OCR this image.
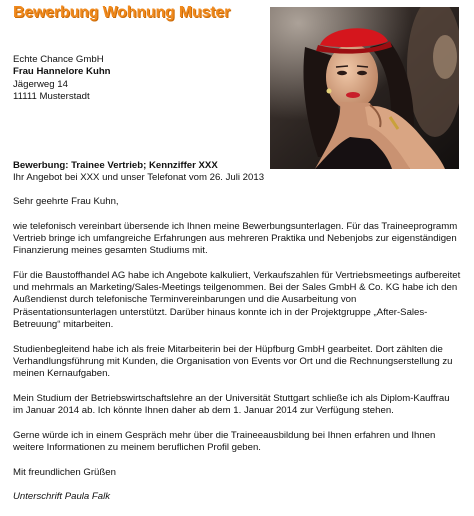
Bewerbung Wohnung Muster
Echte Chance GmbH
Frau Hannelore Kuhn
Jägerweg 14
11111 Musterstadt
Bewerbung: Trainee Vertrieb; Kennziffer XXX
Ihr Angebot bei XXX und unser Telefonat vom 26. Juli 2013

Sehr geehrte Frau Kuhn,

wie telefonisch vereinbart übersende ich Ihnen meine Bewerbungsunterlagen. Für das Traineeprogramm Vertrieb bringe ich umfangreiche Erfahrungen aus mehreren Praktika und Nebenjobs zur eigenständigen Finanzierung meines gesamten Studiums mit.

Für die Baustoffhandel AG habe ich Angebote kalkuliert, Verkaufszahlen für Vertriebsmeetings aufbereitet und mehrmals an Marketing/Sales-Meetings teilgenommen. Bei der Sales GmbH & Co. KG habe ich den Außendienst durch telefonische Terminvereinbarungen und die Ausarbeitung von Präsentationsunterlagen unterstützt. Darüber hinaus konnte ich in der Projektgruppe „After-Sales-Betreuung“ mitarbeiten.

Studienbegleitend habe ich als freie Mitarbeiterin bei der Hüpfburg GmbH gearbeitet. Dort zählten die Verhandlungsführung mit Kunden, die Organisation von Events vor Ort und die Rechnungserstellung zu meinen Kernaufgaben.

Mein Studium der Betriebswirtschaftslehre an der Universität Stuttgart schließe ich als Diplom-Kauffrau im Januar 2014 ab. Ich könnte Ihnen daher ab dem 1. Januar 2014 zur Verfügung stehen.

Gerne würde ich in einem Gespräch mehr über die Traineeausbildung bei Ihnen erfahren und Ihnen weitere Informationen zu meinem beruflichen Profil geben.

Mit freundlichen Grüßen

Unterschrift Paula Falk
